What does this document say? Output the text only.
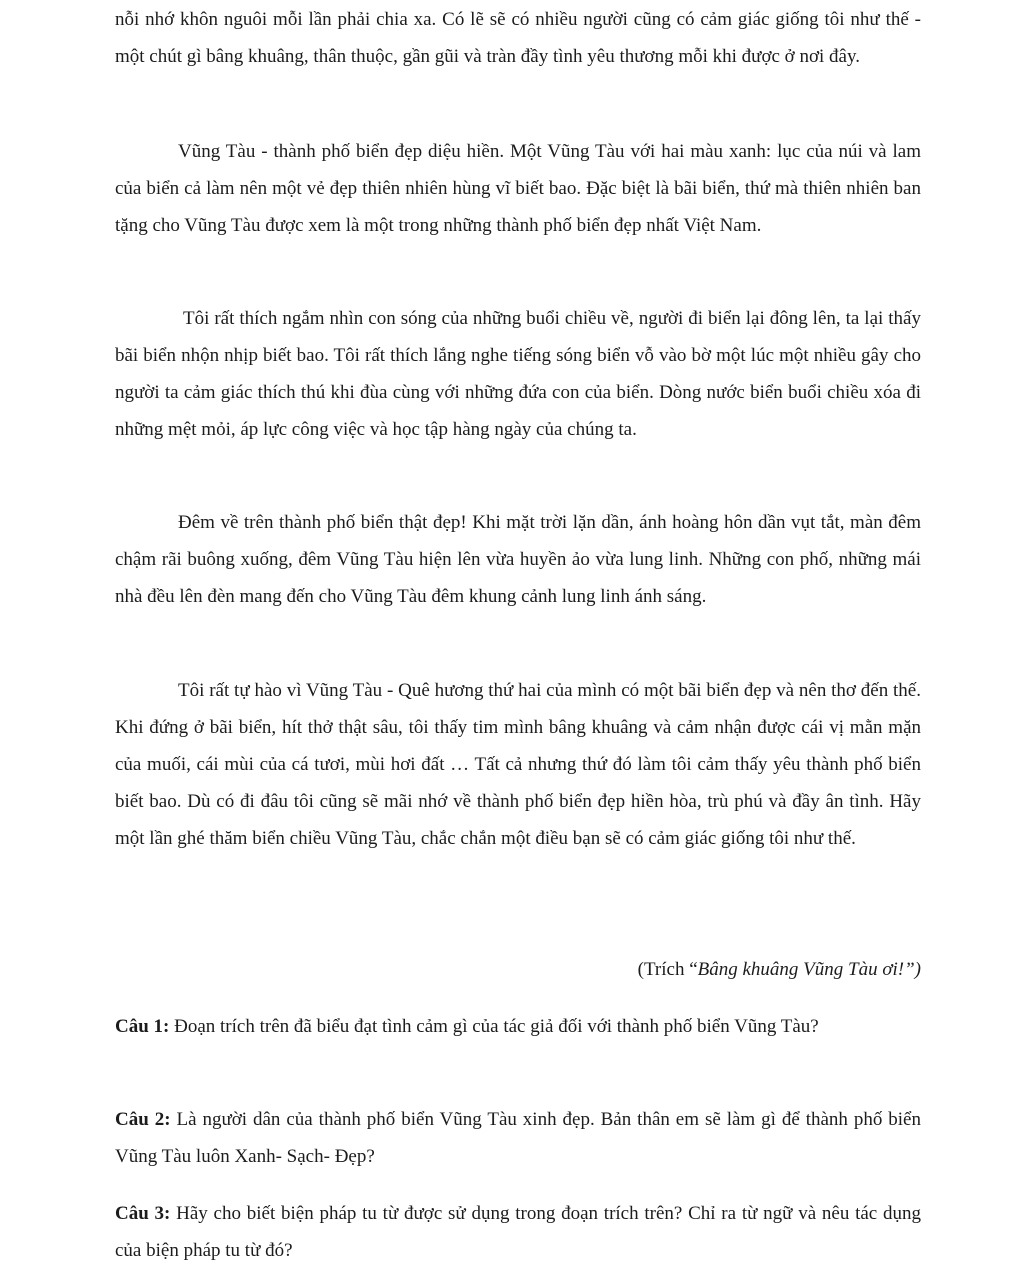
nỗi nhớ khôn nguôi mỗi lần phải chia xa. Có lẽ sẽ có nhiều người cũng có cảm giác giống tôi như thế - một chút gì bâng khuâng, thân thuộc, gần gũi và tràn đầy tình yêu thương mỗi khi được ở nơi đây.

Vũng Tàu - thành phố biển đẹp diệu hiền. Một Vũng Tàu với hai màu xanh: lục của núi và lam của biển cả làm nên một vẻ đẹp thiên nhiên hùng vĩ biết bao. Đặc biệt là bãi biển, thứ mà thiên nhiên ban tặng cho Vũng Tàu được xem là một trong những thành phố biển đẹp nhất Việt Nam.

Tôi rất thích ngắm nhìn con sóng của những buổi chiều về, người đi biển lại đông lên, ta lại thấy bãi biển nhộn nhịp biết bao. Tôi rất thích lắng nghe tiếng sóng biển vỗ vào bờ một lúc một nhiều gây cho người ta cảm giác thích thú khi đùa cùng với những đứa con của biển. Dòng nước biển buổi chiều xóa đi những mệt mỏi, áp lực công việc và học tập hàng ngày của chúng ta.

Đêm về trên thành phố biển thật đẹp! Khi mặt trời lặn dần, ánh hoàng hôn dần vụt tắt, màn đêm chậm rãi buông xuống, đêm Vũng Tàu hiện lên vừa huyền ảo vừa lung linh. Những con phố, những mái nhà đều lên đèn mang đến cho Vũng Tàu đêm khung cảnh lung linh ánh sáng.

Tôi rất tự hào vì Vũng Tàu - Quê hương thứ hai của mình có một bãi biển đẹp và nên thơ đến thế. Khi đứng ở bãi biển, hít thở thật sâu, tôi thấy tim mình bâng khuâng và cảm nhận được cái vị mằn mặn của muối, cái mùi của cá tươi, mùi hơi đất … Tất cả nhưng thứ đó làm tôi cảm thấy yêu thành phố biển biết bao. Dù có đi đâu tôi cũng sẽ mãi nhớ về thành phố biển đẹp hiền hòa, trù phú và đầy ân tình. Hãy một lần ghé thăm biển chiều Vũng Tàu, chắc chắn một điều bạn sẽ có cảm giác giống tôi như thế.

(Trích “Bâng khuâng Vũng Tàu ơi!”)

Câu 1: Đoạn trích trên đã biểu đạt tình cảm gì của tác giả đối với thành phố biển Vũng Tàu?

Câu 2: Là người dân của thành phố biển Vũng Tàu xinh đẹp. Bản thân em sẽ làm gì để thành phố biển Vũng Tàu luôn Xanh- Sạch- Đẹp?

Câu 3: Hãy cho biết biện pháp tu từ được sử dụng trong đoạn trích trên? Chỉ ra từ ngữ và nêu tác dụng của biện pháp tu từ đó?
